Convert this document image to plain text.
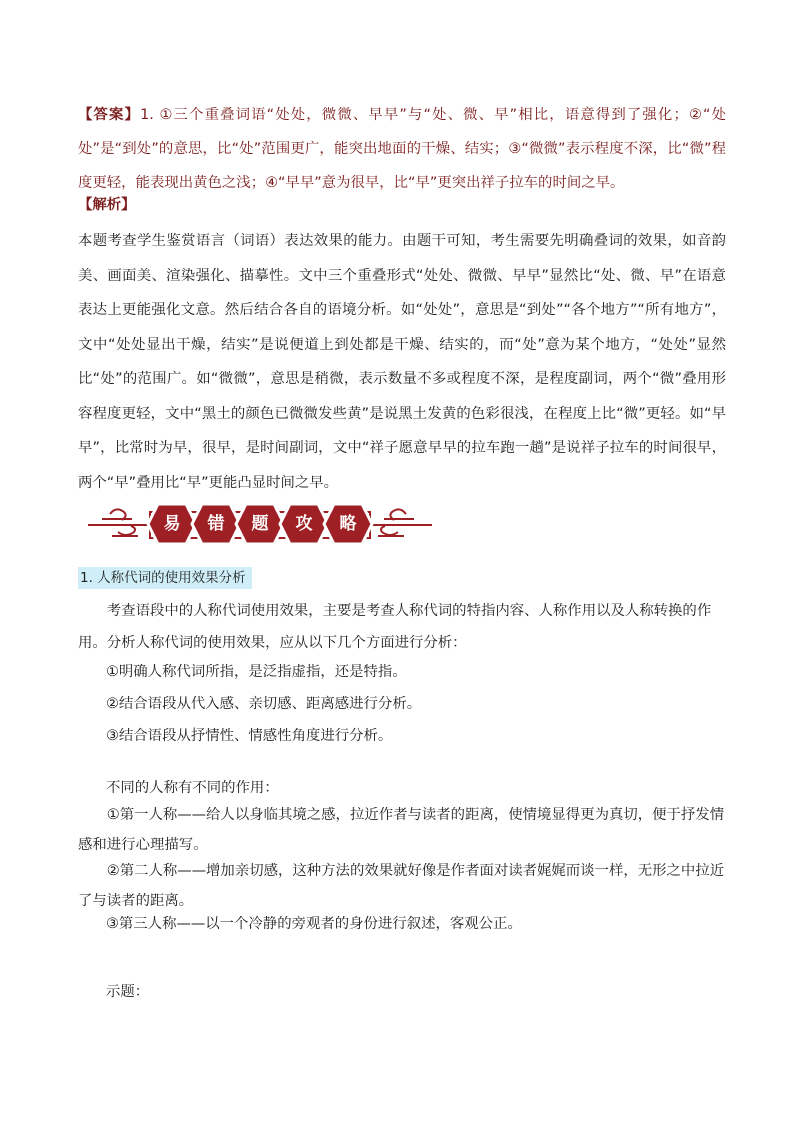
【答案】1. ①三个重叠词语“处处，微微、早早”与“处、微、早”相比，语意得到了强化；②“处处”是“到处”的意思，比“处”范围更广，能突出地面的干燥、结实；③“微微”表示程度不深，比“微”程度更轻，能表现出黄色之浅；④“早早”意为很早，比“早”更突出祥子拉车的时间之早。
【解析】
本题考查学生鉴赏语言（词语）表达效果的能力。由题干可知，考生需要先明确叠词的效果，如音韵美、画面美、渲染强化、描摹性。文中三个重叠形式“处处、微微、早早”显然比“处、微、早”在语意表达上更能强化文意。然后结合各自的语境分析。如“处处”，意思是“到处”“各个地方”“所有地方”，文中“处处显出干燥，结实”是说便道上到处都是干燥、结实的，而“处”意为某个地方，“处处”显然比“处”的范围广。如“微微”，意思是稍微，表示数量不多或程度不深，是程度副词，两个“微”叠用形容程度更轻，文中“黑土的颜色已微微发些黄”是说黑土发黄的色彩很浅，在程度上比“微”更轻。如“早早”，比常时为早，很早，是时间副词，文中“祥子愿意早早的拉车跑一趟”是说祥子拉车的时间很早，两个“早”叠用比“早”更能凸显时间之早。
易	错	题	攻	略
1. 人称代词的使用效果分析
考查语段中的人称代词使用效果，主要是考查人称代词的特指内容、人称作用以及人称转换的作用。分析人称代词的使用效果，应从以下几个方面进行分析：
①明确人称代词所指，是泛指虚指，还是特指。
②结合语段从代入感、亲切感、距离感进行分析。
③结合语段从抒情性、情感性角度进行分析。
不同的人称有不同的作用：
①第一人称——给人以身临其境之感，拉近作者与读者的距离，使情境显得更为真切，便于抒发情感和进行心理描写。
②第二人称——增加亲切感，这种方法的效果就好像是作者面对读者娓娓而谈一样，无形之中拉近了与读者的距离。
③第三人称——以一个冷静的旁观者的身份进行叙述，客观公正。
示题：
